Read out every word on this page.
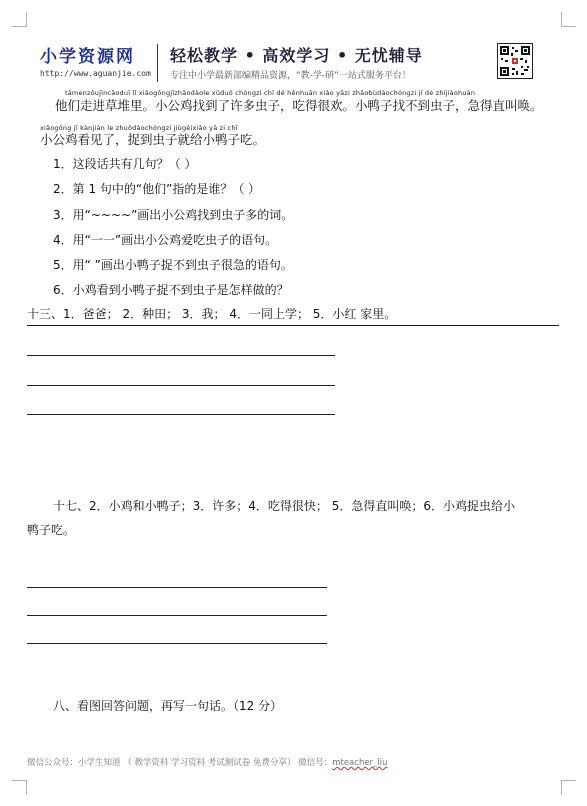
小学资源网
http://www.aguanjie.com
轻松教学 • 高效学习 • 无忧辅导
专注中小学最新部编精品资源，“教-学-研”一站式服务平台！
tāmenzǒujìncǎoduī lǐ xiǎogōngjīzhǎodàole xǔduō chóngzi chī dé hěnhuān xiǎo yāzi zhǎobùdàochóngzi jí dé zhíjiàohuàn
他们走进草堆里。小公鸡找到了许多虫子，吃得很欢。小鸭子找不到虫子，急得直叫唤。
xiǎogōng jī kànjiàn le zhuōdàochóngzi jiùgěixiǎo yā zi chī
小公鸡看见了，捉到虫子就给小鸭子吃。
1．这段话共有几句？（ ）
2．第 1 句中的“他们”指的是谁？（ ）
3．用“~~~~”画出小公鸡找到虫子多的词。
4．用“一一”画出小公鸡爱吃虫子的语句。
5．用“ ”画出小鸭子捉不到虫子很急的语句。
6．小鸡看到小鸭子捉不到虫子是怎样做的？
十三、1．爸爸； 2．种田； 3．我； 4．一同上学； 5．小红 家里。
十七、2．小鸡和小鸭子；3．许多；4．吃得很快； 5．急得直叫唤；6．小鸡捉虫给小
鸭子吃。
八、看图回答问题，再写一句话。（12 分）
微信公众号：小学生知道 （ 教学资料 学习资料 考试测试卷 免费分享） 微信号：mteacher_liu
